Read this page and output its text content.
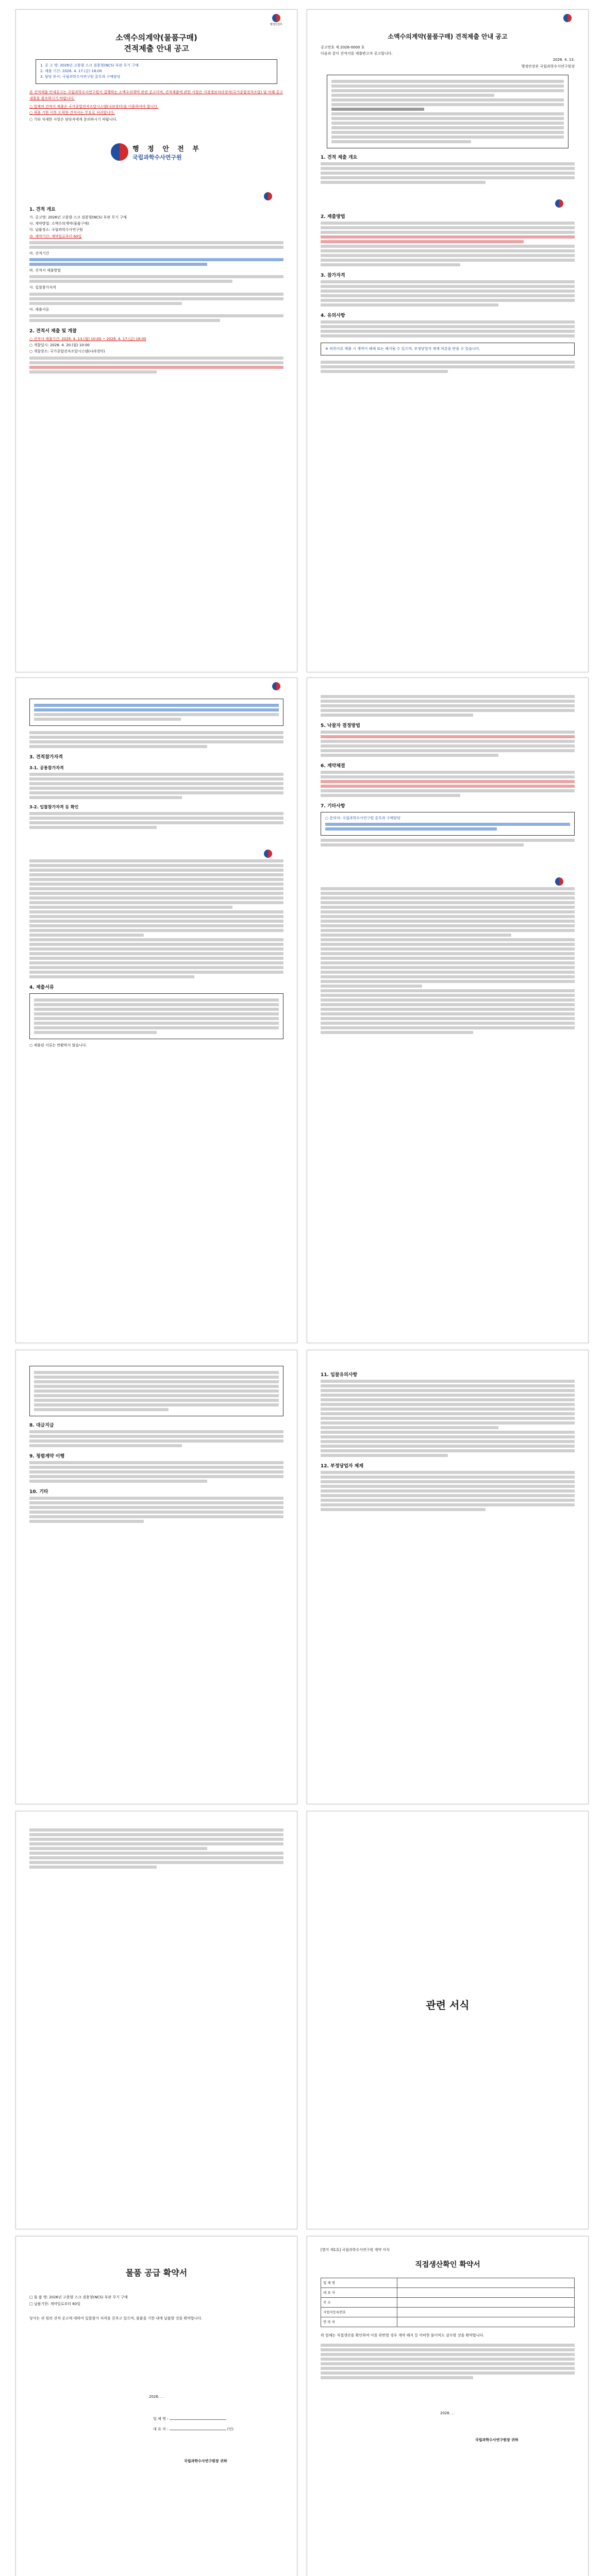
행정안전부
소액수의계약(물품구매)
견적제출 안내 공고
1. 공 고 명: 2026년 고용량 스크 겸용형(NCS) 부판 무기 구매
2. 제출 기간: 2026. 4. 17.(금) 18:00
3. 담당 부서: 국립과학수사연구원 총무과 구매담당
본 견적제출 안내공고는 국립과학수사연구원이 집행하는 소액수의계약 관련 공고이며, 견적제출에 관한 사항은 지정정보처리장치(국가종합전자조달) 및 아래 공고내용을 참조하시기 바랍니다.
○ 업체의 견적서 제출은 국가종합전자조달시스템(나라장터)을 이용하여야 합니다.
○ 제출 기한 이후 도착한 견적서는 무효로 처리합니다.
○ 기타 자세한 사항은 담당자에게 문의하시기 바랍니다.
행 정 안 전 부
국립과학수사연구원
1. 견적 개요
가. 공고명: 2026년 고용량 스크 겸용형(NCS) 부판 무기 구매
나. 계약방법: 소액수의계약(물품구매)
다. 납품장소: 국립과학수사연구원
라. 계약기간: 계약일로부터 60일
마. 견적기간
바. 견적서 제출방법
사. 입찰참가자격
아. 제출서류
2. 견적서 제출 및 개찰
○ 견적서 제출기간: 2026. 4. 13.(월) 10:00 ~ 2026. 4. 17.(금) 18:00
○ 개찰일시: 2026. 4. 20.(월) 10:00
○ 개찰장소: 국가종합전자조달시스템(나라장터)
소액수의계약(물품구매) 견적제출 안내 공고
공고번호 제 2026-0000 호
다음과 같이 견적서를 제출받고자 공고합니다.
2026. 4. 13.
행정안전부 국립과학수사연구원장
1. 견적 제출 개요
2. 제출방법
3. 참가자격
4. 유의사항
※ 허위서류 제출 시 계약이 해제 또는 해지될 수 있으며, 부정당업자 제재 처분을 받을 수 있습니다.
3. 견적참가자격
3-1. 공통참가자격
3-2. 입찰참가자격 등 확인
4. 제출서류
○ 제출된 서류는 반환하지 않습니다.
5. 낙찰자 결정방법
6. 계약체결
7. 기타사항
○ 문의처: 국립과학수사연구원 총무과 구매담당
8. 대금지급
9. 청렴계약 이행
10. 기타
11. 입찰유의사항
12. 부정당업자 제재
관련 서식
물품 공급 확약서
□ 물 품 명: 2026년 고용량 스크 겸용형(NCS) 부판 무기 구매
□ 납품기한: 계약일로부터 60일
당사는 귀 원의 견적 공고에 대하여 입찰참가 자격을 갖추고 있으며, 물품을 기한 내에 납품할 것을 확약합니다.
2026. . .
업 체 명 :
대 표 자 :	(인)
국립과학수사연구원장 귀하
[별지 제1호] 국립과학수사연구원 계약 서식
직접생산확인 확약서
업 체 명	
대 표 자	
주 소	
사업자등록번호	
연 락 처	
위 업체는 직접생산을 확인하며 이를 위반할 경우 계약 해지 등 어떠한 불이익도 감수할 것을 확약합니다.
2026. . .
국립과학수사연구원장 귀하
